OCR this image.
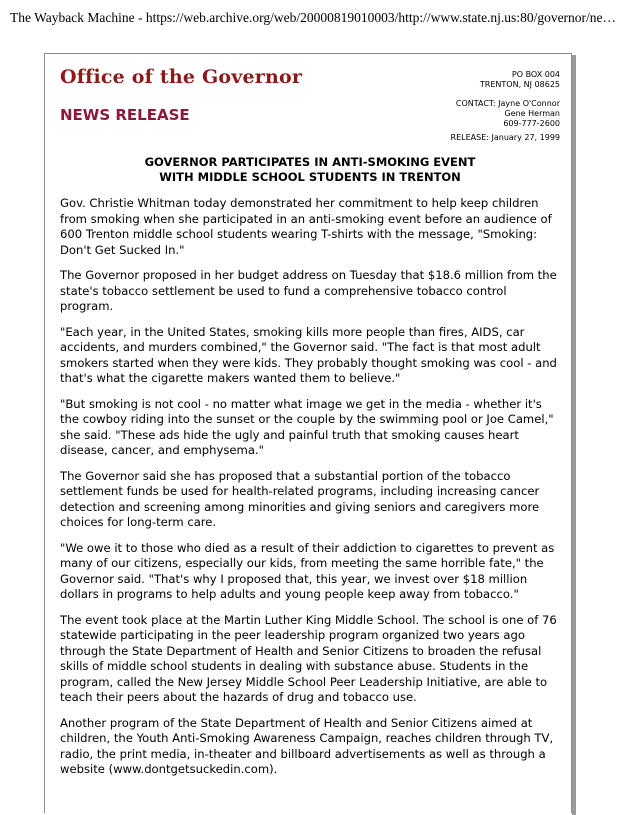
The Wayback Machine - https://web.archive.org/web/20000819010003/http://www.state.nj.us:80/governor/ne…
Office of the Governor
NEWS RELEASE
PO BOX 004
TRENTON, NJ 08625
CONTACT: Jayne O'Connor
Gene Herman
609-777-2600
RELEASE: January 27, 1999
GOVERNOR PARTICIPATES IN ANTI-SMOKING EVENT
WITH MIDDLE SCHOOL STUDENTS IN TRENTON

Gov. Christie Whitman today demonstrated her commitment to help keep children from smoking when she participated in an anti-smoking event before an audience of 600 Trenton middle school students wearing T-shirts with the message, "Smoking: Don't Get Sucked In."

The Governor proposed in her budget address on Tuesday that $18.6 million from the state's tobacco settlement be used to fund a comprehensive tobacco control program.

"Each year, in the United States, smoking kills more people than fires, AIDS, car accidents, and murders combined," the Governor said. "The fact is that most adult smokers started when they were kids. They probably thought smoking was cool - and that's what the cigarette makers wanted them to believe."

"But smoking is not cool - no matter what image we get in the media - whether it's the cowboy riding into the sunset or the couple by the swimming pool or Joe Camel," she said. "These ads hide the ugly and painful truth that smoking causes heart disease, cancer, and emphysema."

The Governor said she has proposed that a substantial portion of the tobacco settlement funds be used for health-related programs, including increasing cancer detection and screening among minorities and giving seniors and caregivers more choices for long-term care.

"We owe it to those who died as a result of their addiction to cigarettes to prevent as many of our citizens, especially our kids, from meeting the same horrible fate," the Governor said. "That's why I proposed that, this year, we invest over $18 million dollars in programs to help adults and young people keep away from tobacco."

The event took place at the Martin Luther King Middle School. The school is one of 76 statewide participating in the peer leadership program organized two years ago through the State Department of Health and Senior Citizens to broaden the refusal skills of middle school students in dealing with substance abuse. Students in the program, called the New Jersey Middle School Peer Leadership Initiative, are able to teach their peers about the hazards of drug and tobacco use.

Another program of the State Department of Health and Senior Citizens aimed at children, the Youth Anti-Smoking Awareness Campaign, reaches children through TV, radio, the print media, in-theater and billboard advertisements as well as through a website (www.dontgetsuckedin.com).
